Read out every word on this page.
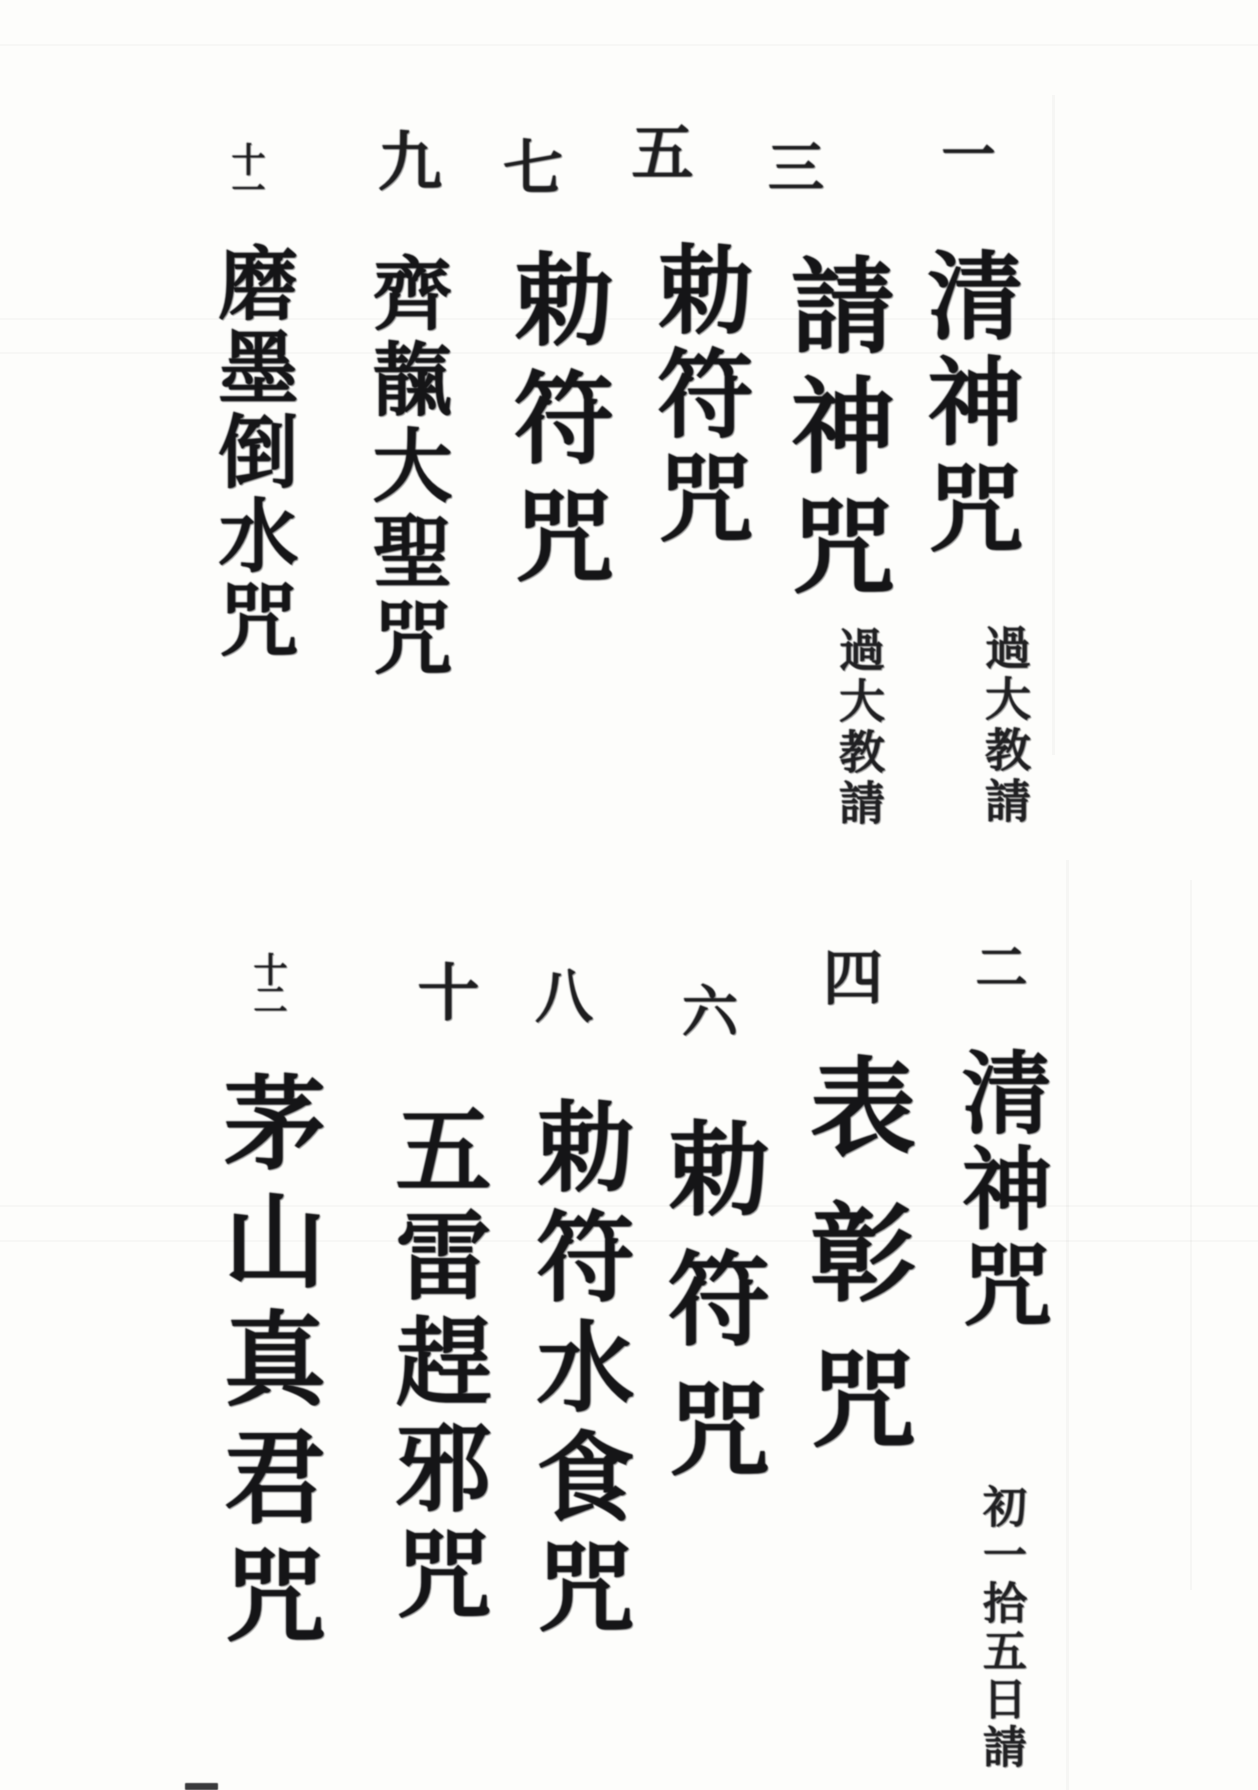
一
清神咒
過大教請
三
請神咒
過大教請
五
勅符咒
七
勅符咒
九
齊靝大聖咒
十一
磨墨倒水咒
二
清神咒
初一拾五日請
四
表彰咒
六
勅符咒
八
勅符水食咒
十
五雷趕邪咒
十二
茅山真君咒
